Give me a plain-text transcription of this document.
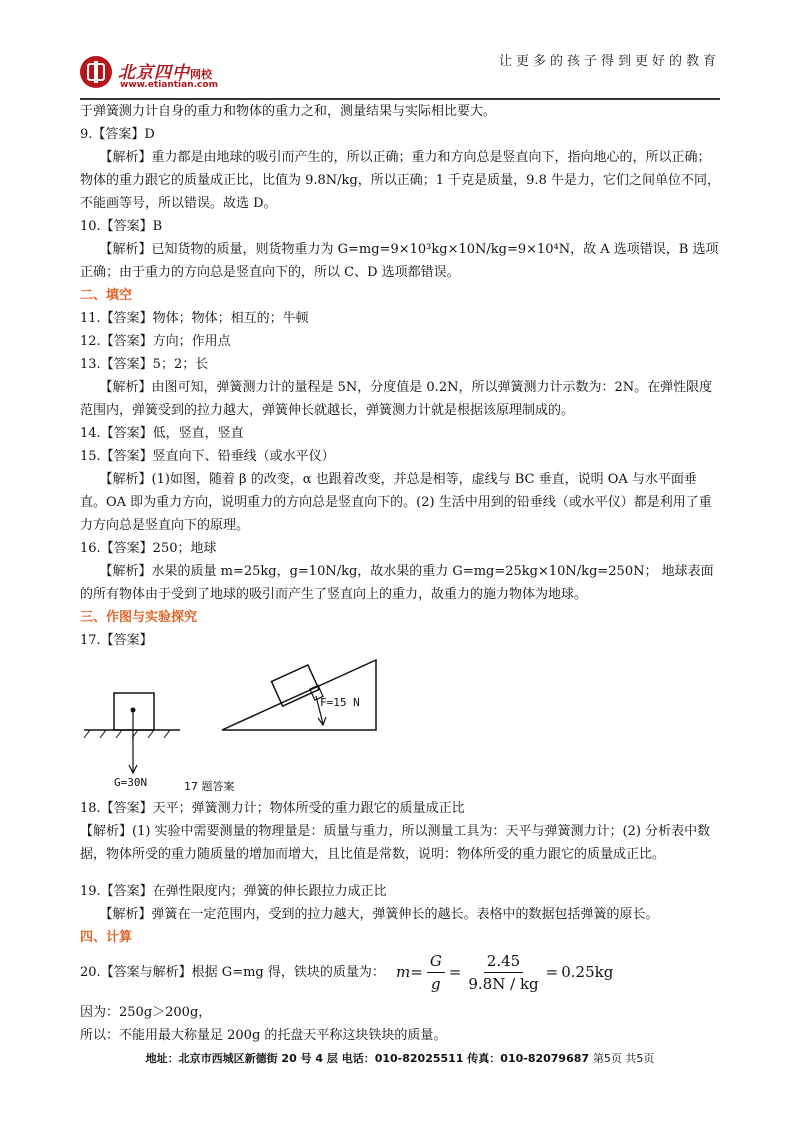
北京四中网校
www.etiantian.com
让更多的孩子得到更好的教育

于弹簧测力计自身的重力和物体的重力之和，测量结果与实际相比要大。

9.【答案】D

【解析】重力都是由地球的吸引而产生的，所以正确；重力和方向总是竖直向下，指向地心的，所以正确；物体的重力跟它的质量成正比，比值为 9.8N/kg，所以正确；1 千克是质量，9.8 牛是力，它们之间单位不同，不能画等号，所以错误。故选 D。

10.【答案】B

【解析】已知货物的质量，则货物重力为 G=mg=9×10³kg×10N/kg=9×10⁴N，故 A 选项错误，B 选项正确；由于重力的方向总是竖直向下的，所以 C、D 选项都错误。

二、填空

11.【答案】物体；物体；相互的；牛顿

12.【答案】方向；作用点

13.【答案】5；2；长

【解析】由图可知，弹簧测力计的量程是 5N，分度值是 0.2N，所以弹簧测力计示数为：2N。在弹性限度范围内，弹簧受到的拉力越大，弹簧伸长就越长，弹簧测力计就是根据该原理制成的。

14.【答案】低，竖直，竖直

15.【答案】竖直向下、铅垂线（或水平仪）

【解析】(1)如图，随着 β 的改变，α 也跟着改变，并总是相等，虚线与 BC 垂直，说明 OA 与水平面垂直。OA 即为重力方向，说明重力的方向总是竖直向下的。(2) 生活中用到的铅垂线（或水平仪）都是利用了重力方向总是竖直向下的原理。

16.【答案】250；地球

【解析】水果的质量 m=25kg，g=10N/kg，故水果的重力 G=mg=25kg×10N/kg=250N； 地球表面的所有物体由于受到了地球的吸引而产生了竖直向上的重力，故重力的施力物体为地球。

三、作图与实验探究

17.【答案】

G=30N	17 题答案
F=15 N

18.【答案】天平；弹簧测力计；物体所受的重力跟它的质量成正比

【解析】(1) 实验中需要测量的物理量是：质量与重力，所以测量工具为：天平与弹簧测力计；(2) 分析表中数据，物体所受的重力随质量的增加而增大，且比值是常数，说明：物体所受的重力跟它的质量成正比。

19.【答案】在弹性限度内；弹簧的伸长跟拉力成正比

【解析】弹簧在一定范围内，受到的拉力越大，弹簧伸长的越长。表格中的数据包括弹簧的原长。

四、计算

20.【答案与解析】根据 G=mg 得，铁块的质量为： $m = \frac{G}{g} = \frac{2.45}{9.8N / kg} = 0.25kg$

因为：250g＞200g，

所以：不能用最大称量足 200g 的托盘天平称这块铁块的质量。

地址：北京市西城区新德街 20 号 4 层 电话：010-82025511 传真：010-82079687 第5页 共5页
